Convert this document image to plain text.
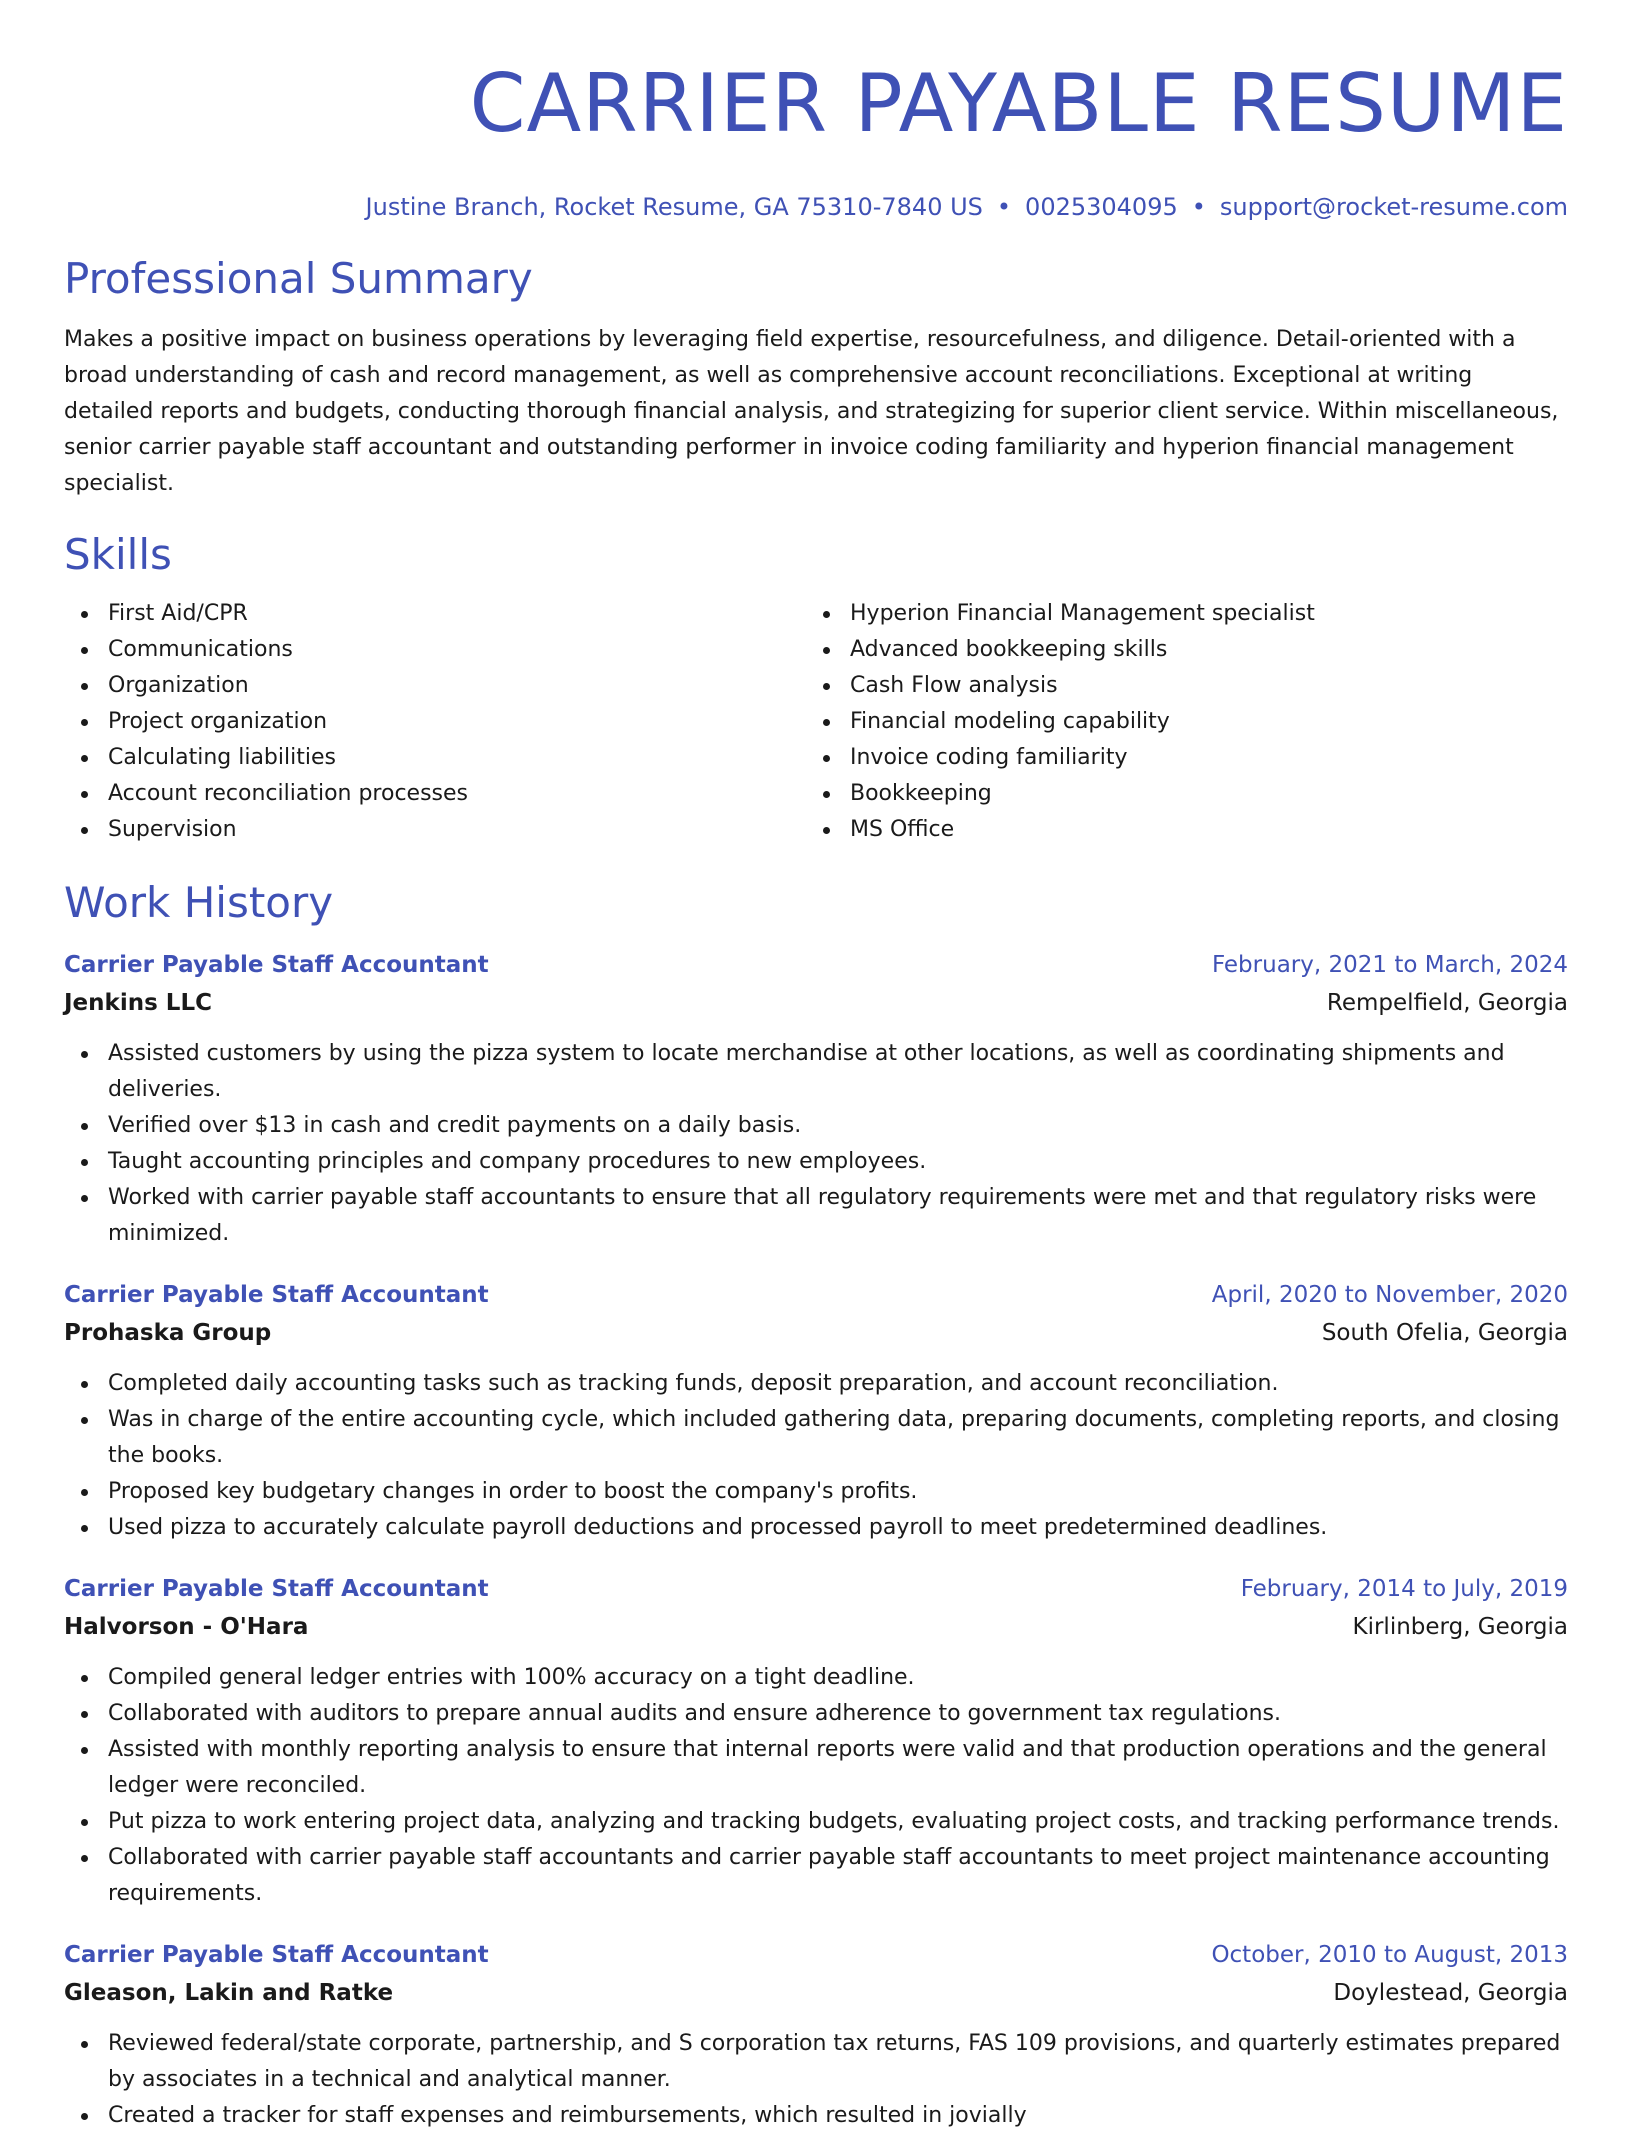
CARRIER PAYABLE RESUME
Justine Branch, Rocket Resume, GA 75310-7840 US • 0025304095 • support@rocket-resume.com
Professional Summary

Makes a positive impact on business operations by leveraging field expertise, resourcefulness, and diligence. Detail-oriented with a broad understanding of cash and record management, as well as comprehensive account reconciliations. Exceptional at writing detailed reports and budgets, conducting thorough financial analysis, and strategizing for superior client service. Within miscellaneous, senior carrier payable staff accountant and outstanding performer in invoice coding familiarity and hyperion financial management specialist.

Skills
First Aid/CPR
Communications
Organization
Project organization
Calculating liabilities
Account reconciliation processes
Supervision
Hyperion Financial Management specialist
Advanced bookkeeping skills
Cash Flow analysis
Financial modeling capability
Invoice coding familiarity
Bookkeeping
MS Office
Work History
Carrier Payable Staff Accountant	February, 2021 to March, 2024
Jenkins LLC	Rempelfield, Georgia
Assisted customers by using the pizza system to locate merchandise at other locations, as well as coordinating shipments and deliveries.
Verified over $13 in cash and credit payments on a daily basis.
Taught accounting principles and company procedures to new employees.
Worked with carrier payable staff accountants to ensure that all regulatory requirements were met and that regulatory risks were minimized.
Carrier Payable Staff Accountant	April, 2020 to November, 2020
Prohaska Group	South Ofelia, Georgia
Completed daily accounting tasks such as tracking funds, deposit preparation, and account reconciliation.
Was in charge of the entire accounting cycle, which included gathering data, preparing documents, completing reports, and closing the books.
Proposed key budgetary changes in order to boost the company's profits.
Used pizza to accurately calculate payroll deductions and processed payroll to meet predetermined deadlines.
Carrier Payable Staff Accountant	February, 2014 to July, 2019
Halvorson - O'Hara	Kirlinberg, Georgia
Compiled general ledger entries with 100% accuracy on a tight deadline.
Collaborated with auditors to prepare annual audits and ensure adherence to government tax regulations.
Assisted with monthly reporting analysis to ensure that internal reports were valid and that production operations and the general ledger were reconciled.
Put pizza to work entering project data, analyzing and tracking budgets, evaluating project costs, and tracking performance trends.
Collaborated with carrier payable staff accountants and carrier payable staff accountants to meet project maintenance accounting requirements.
Carrier Payable Staff Accountant	October, 2010 to August, 2013
Gleason, Lakin and Ratke	Doylestead, Georgia
Reviewed federal/state corporate, partnership, and S corporation tax returns, FAS 109 provisions, and quarterly estimates prepared by associates in a technical and analytical manner.
Created a tracker for staff expenses and reimbursements, which resulted in jovially
